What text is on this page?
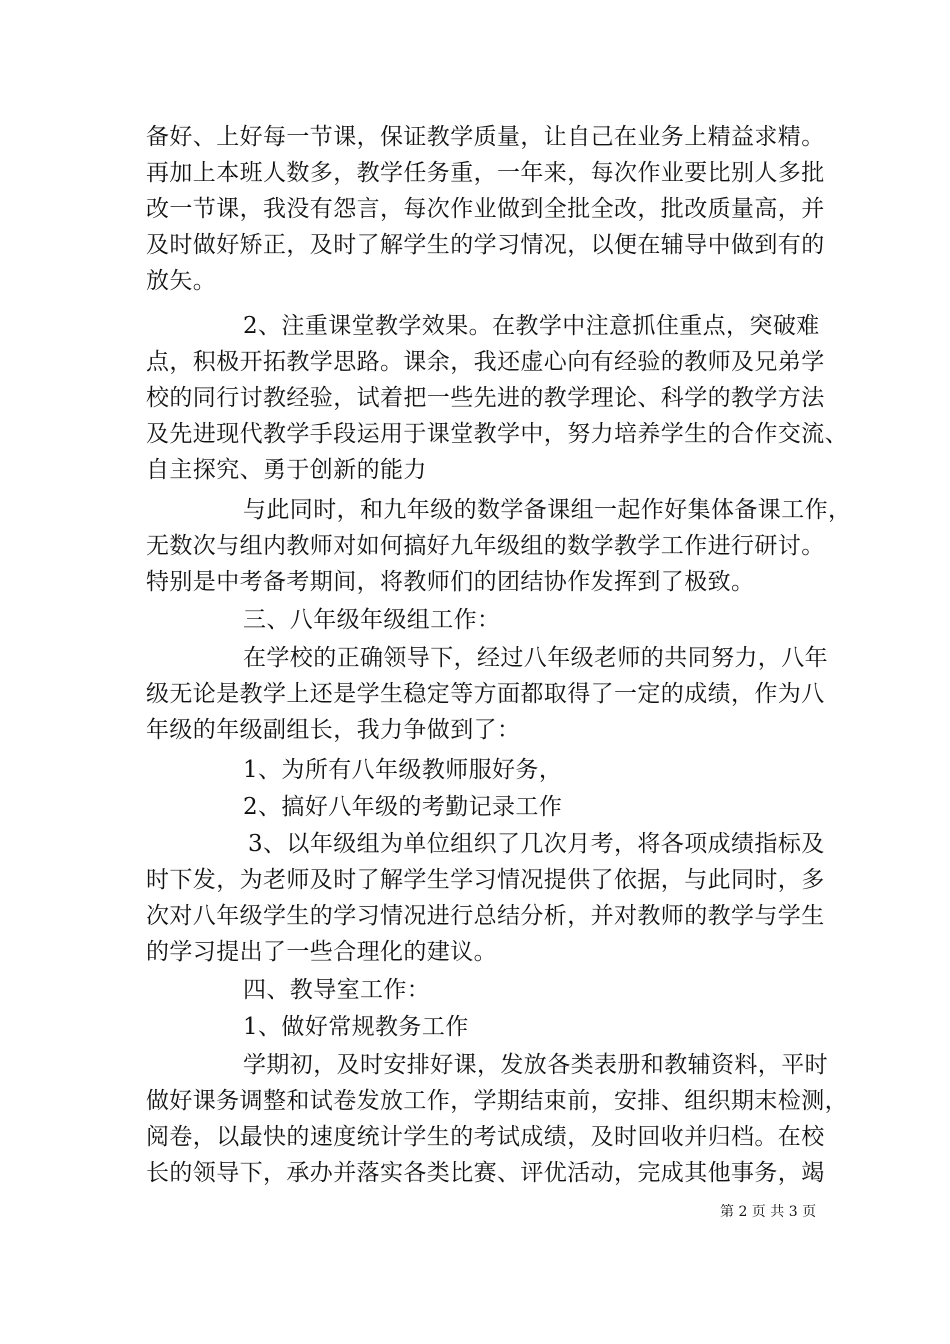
备好、上好每一节课，保证教学质量，让自己在业务上精益求精。
再加上本班人数多，教学任务重，一年来，每次作业要比别人多批
改一节课，我没有怨言，每次作业做到全批全改，批改质量高，并
及时做好矫正，及时了解学生的学习情况，以便在辅导中做到有的
放矢。
2、注重课堂教学效果。在教学中注意抓住重点，突破难
点，积极开拓教学思路。课余，我还虚心向有经验的教师及兄弟学
校的同行讨教经验，试着把一些先进的教学理论、科学的教学方法
及先进现代教学手段运用于课堂教学中，努力培养学生的合作交流、
自主探究、勇于创新的能力
与此同时，和九年级的数学备课组一起作好集体备课工作，
无数次与组内教师对如何搞好九年级组的数学教学工作进行研讨。
特别是中考备考期间，将教师们的团结协作发挥到了极致。
三、八年级年级组工作：
在学校的正确领导下，经过八年级老师的共同努力，八年
级无论是教学上还是学生稳定等方面都取得了一定的成绩，作为八
年级的年级副组长，我力争做到了：
1、为所有八年级教师服好务，
2、搞好八年级的考勤记录工作
3、以年级组为单位组织了几次月考，将各项成绩指标及
时下发，为老师及时了解学生学习情况提供了依据，与此同时，多
次对八年级学生的学习情况进行总结分析，并对教师的教学与学生
的学习提出了一些合理化的建议。
四、教导室工作：
1、做好常规教务工作
学期初，及时安排好课，发放各类表册和教辅资料，平时
做好课务调整和试卷发放工作，学期结束前，安排、组织期末检测，
阅卷，以最快的速度统计学生的考试成绩，及时回收并归档。在校
长的领导下，承办并落实各类比赛、评优活动，完成其他事务，竭
第 2 页 共 3 页
